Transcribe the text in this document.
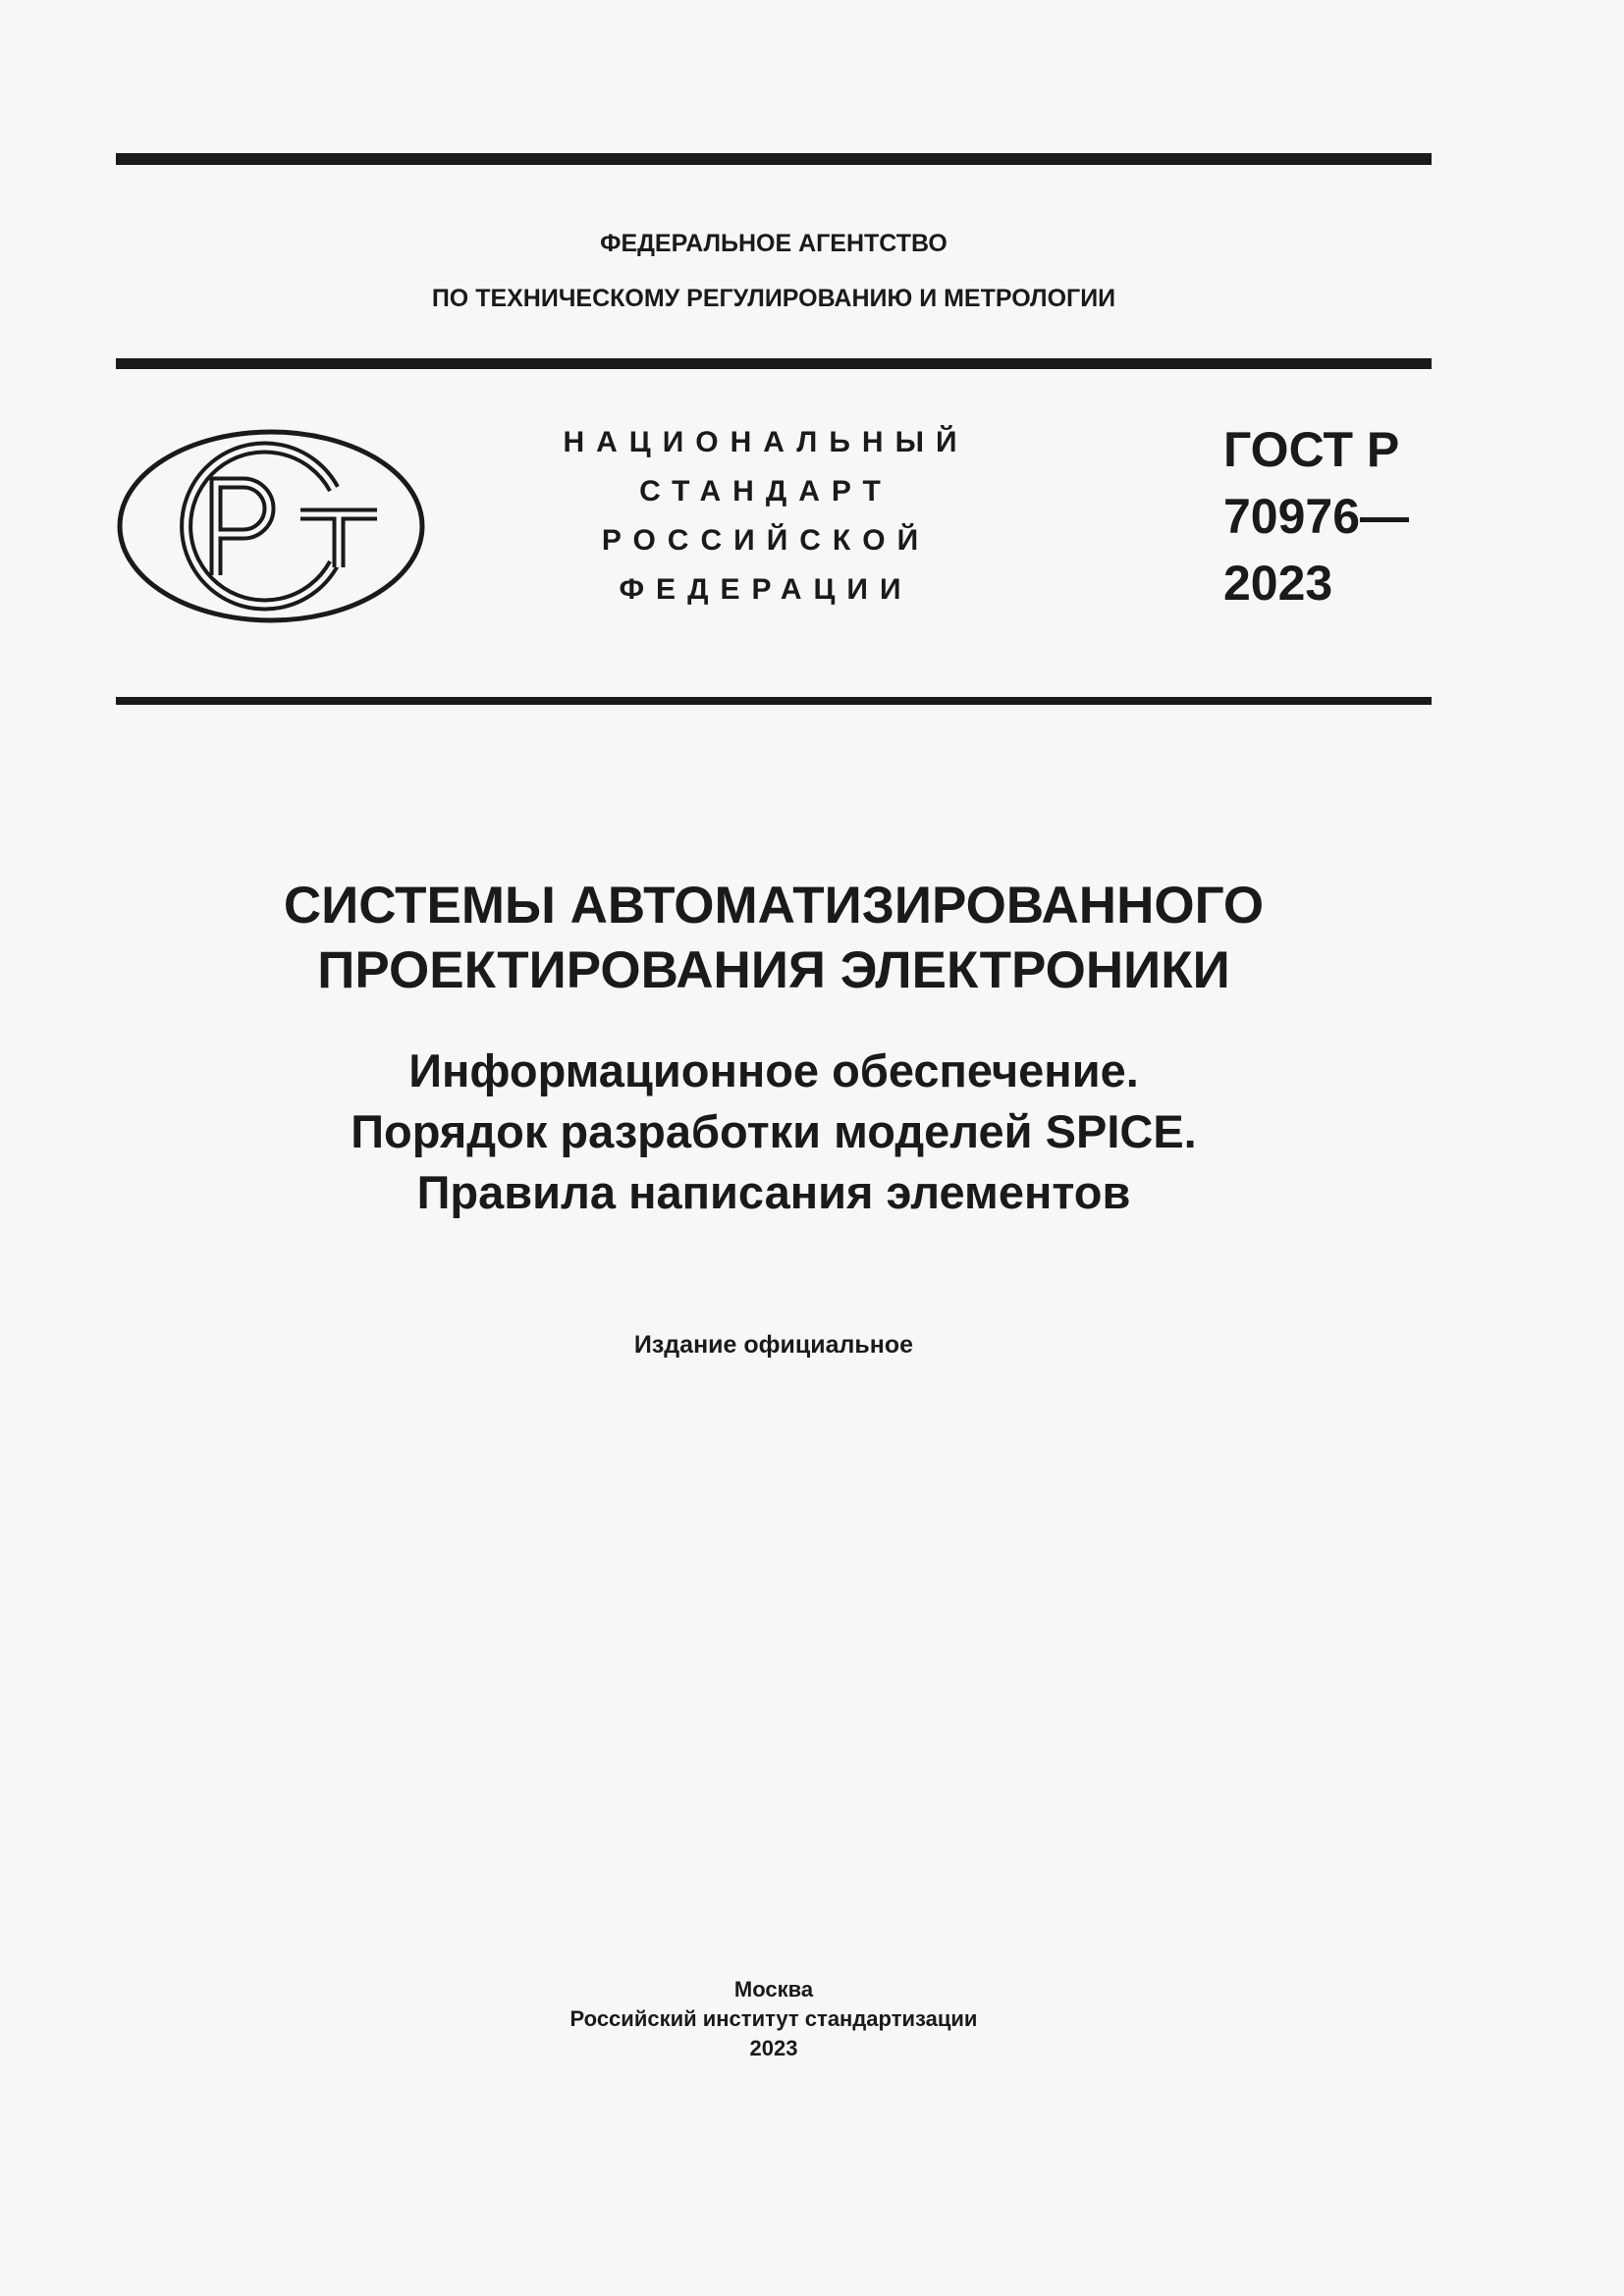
ФЕДЕРАЛЬНОЕ АГЕНТСТВО
ПО ТЕХНИЧЕСКОМУ РЕГУЛИРОВАНИЮ И МЕТРОЛОГИИ
НАЦИОНАЛЬНЫЙ
СТАНДАРТ
РОССИЙСКОЙ
ФЕДЕРАЦИИ
ГОСТ Р
70976—
2023
СИСТЕМЫ АВТОМАТИЗИРОВАННОГО
ПРОЕКТИРОВАНИЯ ЭЛЕКТРОНИКИ
Информационное обеспечение.
Порядок разработки моделей SPICE.
Правила написания элементов
Издание официальное
Москва
Российский институт стандартизации
2023
